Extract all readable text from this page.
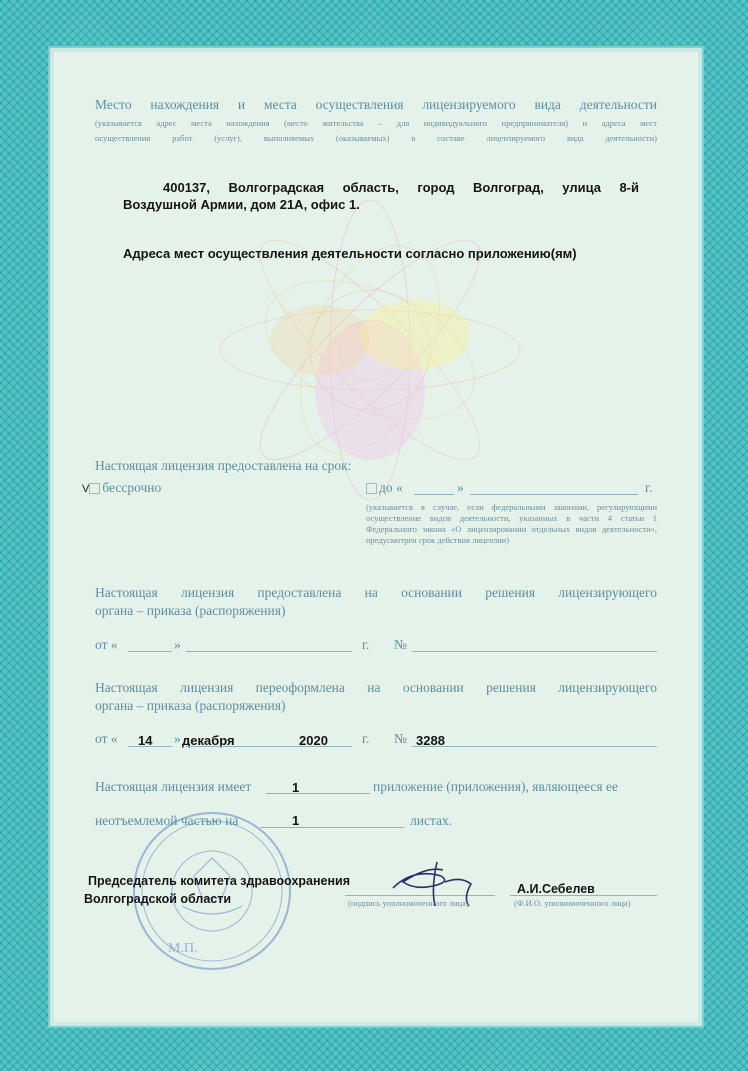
Место нахождения и места осуществления лицензируемого вида деятельности
(указывается адрес места нахождения (место жительства – для индивидуального предпринимателя) и адреса мест
осуществления работ (услуг), выполняемых (оказываемых) в составе лицензируемого вида деятельности)
400137, Волгоградская область, город Волгоград, улица 8-й
Воздушной Армии, дом 21А, офис 1.
Адреса мест осуществления деятельности согласно приложению(ям)
Настоящая лицензия предоставлена на срок:
V бессрочно	до «	»	г.
(указывается в случае, если федеральными законами, регулирующими осуществление видов деятельности, указанных в части 4 статьи 1 Федерального закона «О лицензировании отдельных видов деятельности», предусмотрен срок действия лицензии)
Настоящая лицензия предоставлена на основании решения лицензирующего
органа – приказа (распоряжения)
от «	»	г. №
Настоящая лицензия переоформлена на основании решения лицензирующего
органа – приказа (распоряжения)
от « 14 » декабря	2020	г. № 3288
Настоящая лицензия имеет	1	приложение (приложения), являющееся ее
неотъемлемой частью на	1	листах.
М.П.
Председатель комитета здравоохранения
Волгоградской области	(подпись уполномоченного лица)
А.И.Себелев
(Ф.И.О. уполномоченного лица)
